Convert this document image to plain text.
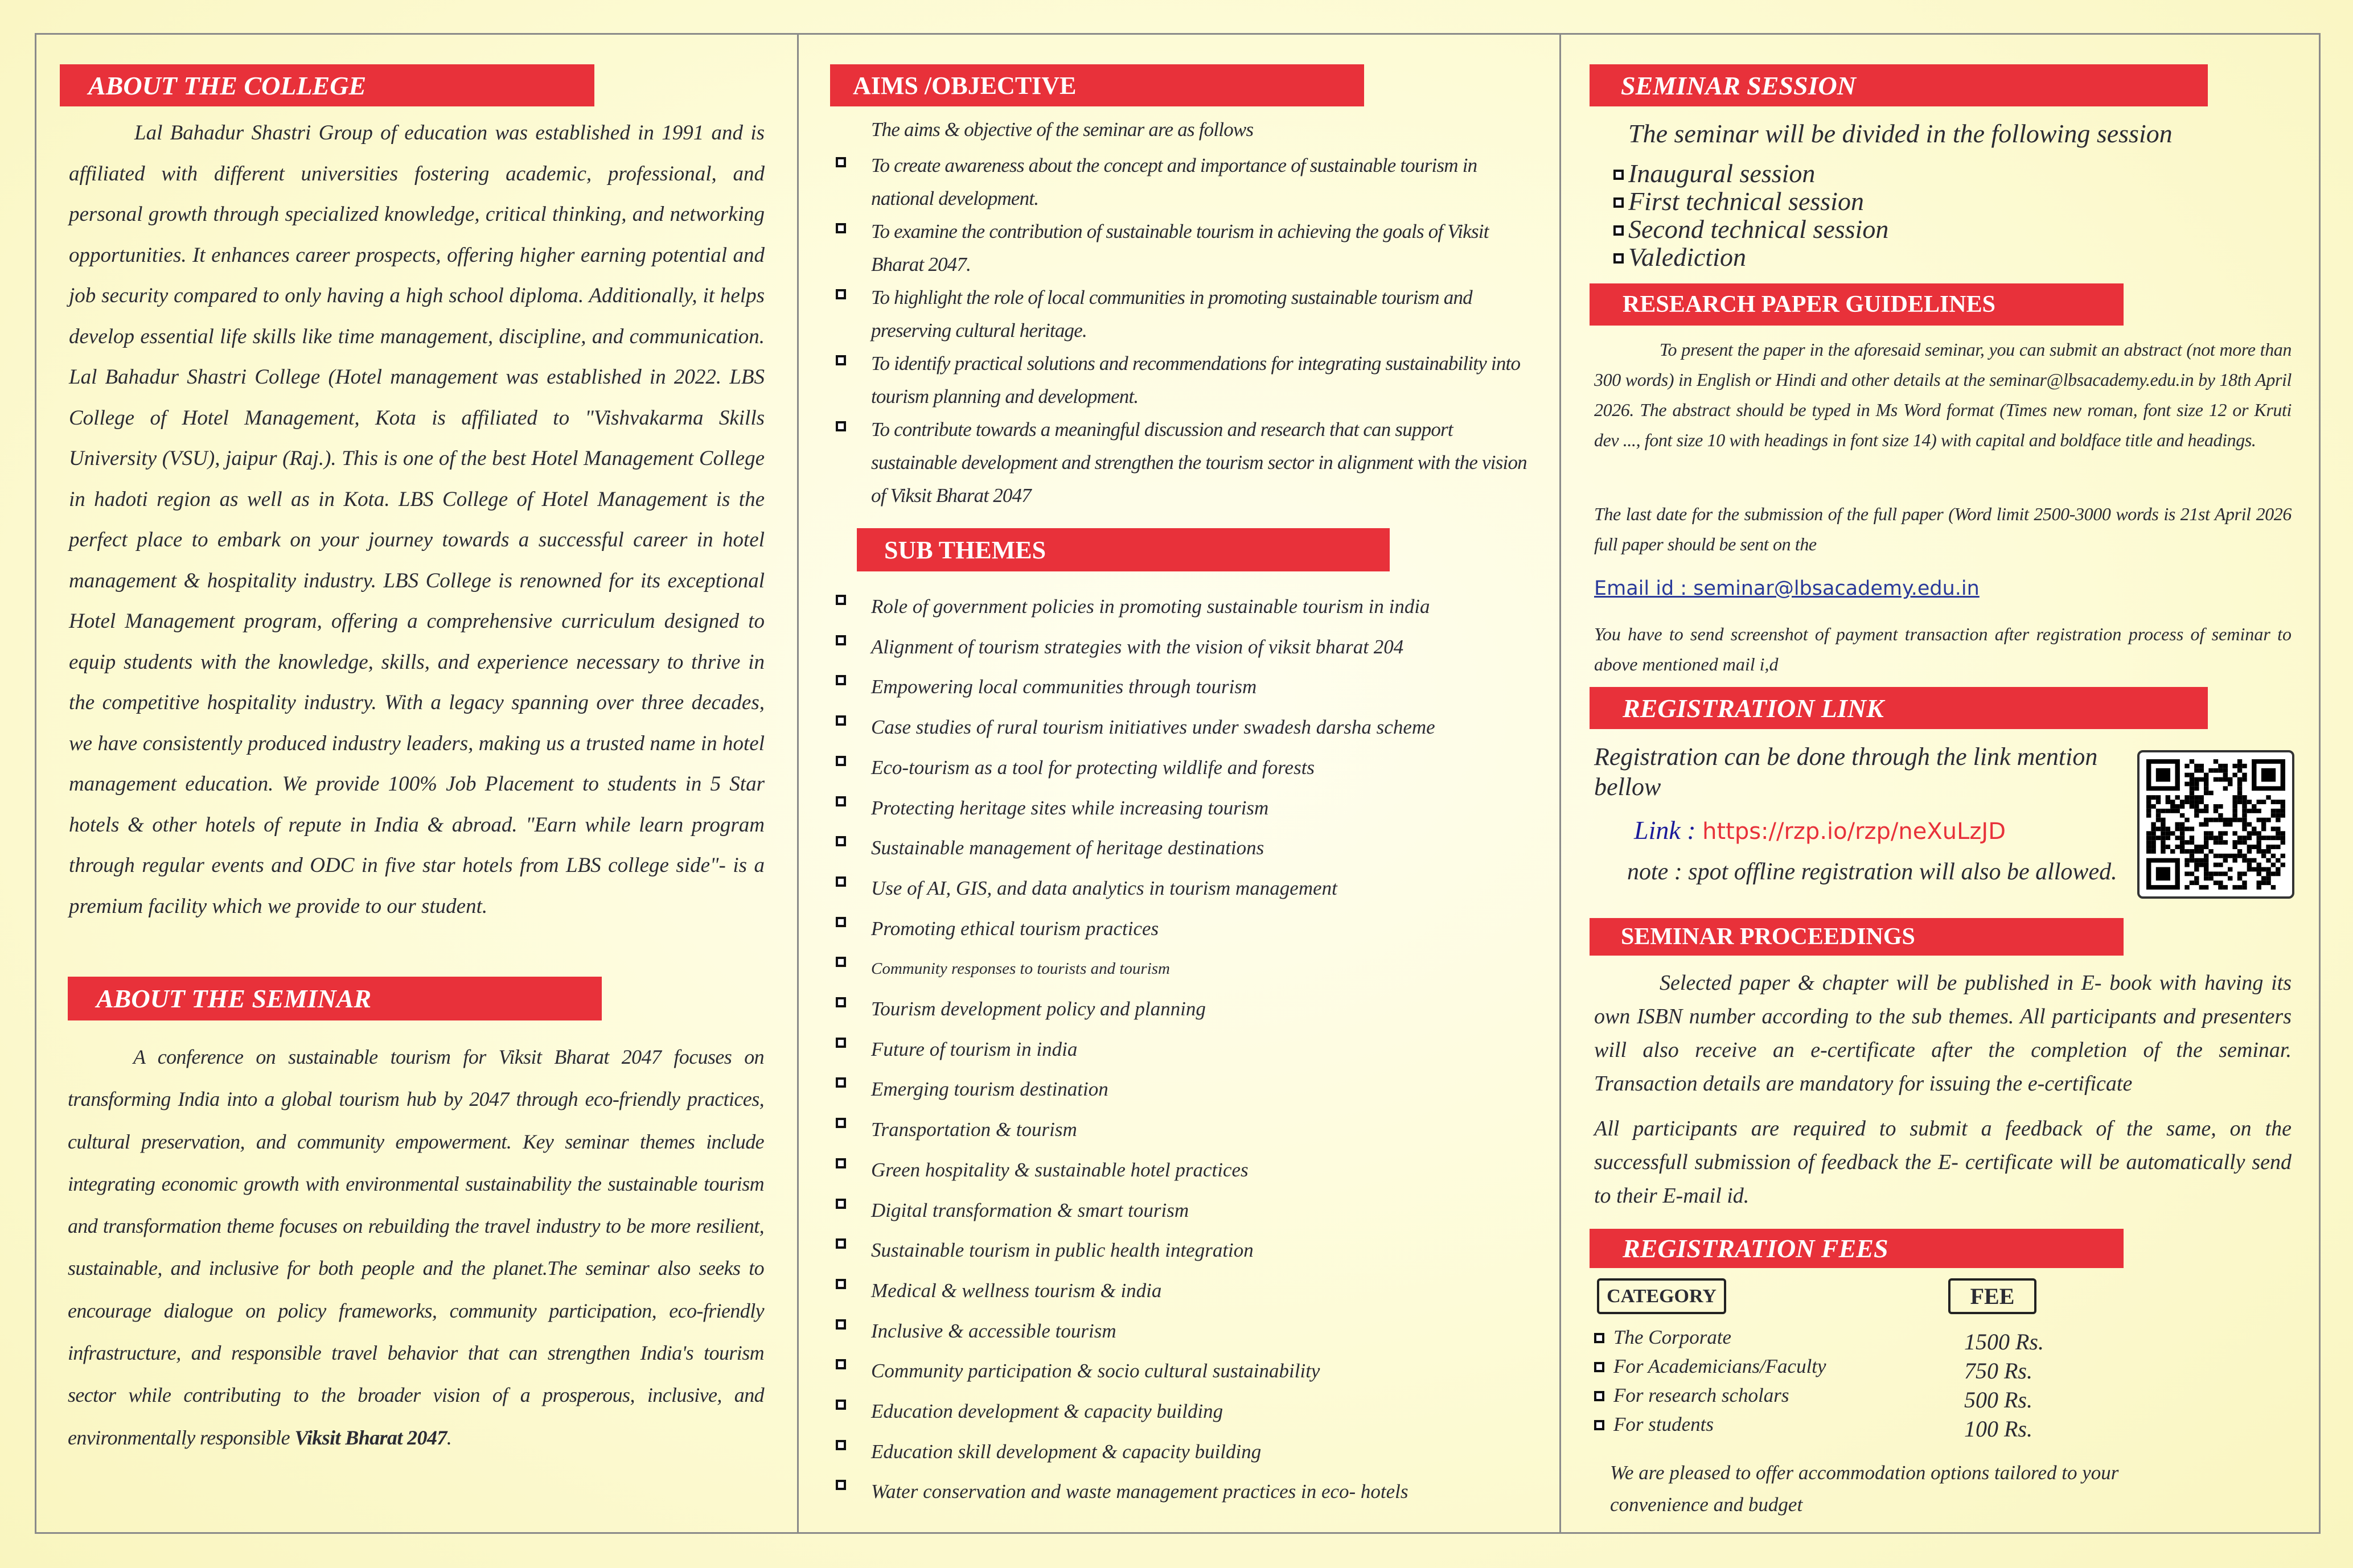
ABOUT THE COLLEGE
Lal Bahadur Shastri Group of education was established in 1991 and is affiliated with different universities fostering academic, professional, and personal growth through specialized knowledge, critical thinking, and networking opportunities. It enhances career prospects, offering higher earning potential and job security compared to only having a high school diploma. Additionally, it helps develop essential life skills like time management, discipline, and communication. Lal Bahadur Shastri College (Hotel management was established in 2022. LBS College of Hotel Management, Kota is affiliated to "Vishvakarma Skills University (VSU), jaipur (Raj.). This is one of the best Hotel Management College in hadoti region as well as in Kota. LBS College of Hotel Management is the perfect place to embark on your journey towards a successful career in hotel management & hospitality industry. LBS College is renowned for its exceptional Hotel Management program, offering a comprehensive curriculum designed to equip students with the knowledge, skills, and experience necessary to thrive in the competitive hospitality industry. With a legacy spanning over three decades, we have consistently produced industry leaders, making us a trusted name in hotel management education. We provide 100% Job Placement to students in 5 Star hotels & other hotels of repute in India & abroad. "Earn while learn program through regular events and ODC in five star hotels from LBS college side"- is a premium facility which we provide to our student.
ABOUT THE SEMINAR
A conference on sustainable tourism for Viksit Bharat 2047 focuses on transforming India into a global tourism hub by 2047 through eco-friendly practices, cultural preservation, and community empowerment. Key seminar themes include integrating economic growth with environmental sustainability the sustainable tourism and transformation theme focuses on rebuilding the travel industry to be more resilient, sustainable, and inclusive for both people and the planet.The seminar also seeks to encourage dialogue on policy frameworks, community participation, eco-friendly infrastructure, and responsible travel behavior that can strengthen India's tourism sector while contributing to the broader vision of a prosperous, inclusive, and environmentally responsible Viksit Bharat 2047.
AIMS /OBJECTIVE
The aims & objective of the seminar are as follows
To create awareness about the concept and importance of sustainable tourism in national development.
To examine the contribution of sustainable tourism in achieving the goals of Viksit Bharat 2047.
To highlight the role of local communities in promoting sustainable tourism and preserving cultural heritage.
To identify practical solutions and recommendations for integrating sustainability into tourism planning and development.
To contribute towards a meaningful discussion and research that can support sustainable development and strengthen the tourism sector in alignment with the vision of Viksit Bharat 2047
SUB THEMES
Role of government policies in promoting sustainable tourism in india
Alignment of tourism strategies with the vision of viksit bharat 204
Empowering local communities through tourism
Case studies of rural tourism initiatives under swadesh darsha scheme
Eco-tourism as a tool for protecting wildlife and forests
Protecting heritage sites while increasing tourism
Sustainable management of heritage destinations
Use of AI, GIS, and data analytics in tourism management
Promoting ethical tourism practices
Community responses to tourists and tourism
Tourism development policy and planning
Future of tourism in india
Emerging tourism destination
Transportation & tourism
Green hospitality & sustainable hotel practices
Digital transformation & smart tourism
Sustainable tourism in public health integration
Medical & wellness tourism & india
Inclusive & accessible tourism
Community participation & socio cultural sustainability
Education development & capacity building
Education skill development & capacity building
Water conservation and waste management practices in eco- hotels
SEMINAR SESSION
The seminar will be divided in the following session
Inaugural session
First technical session
Second technical session
Valediction
RESEARCH PAPER GUIDELINES
To present the paper in the aforesaid seminar, you can submit an abstract (not more than 300 words) in English or Hindi and other details at the seminar@lbsacademy.edu.in by 18th April 2026. The abstract should be typed in Ms Word format (Times new roman, font size 12 or Kruti dev ..., font size 10 with headings in font size 14) with capital and boldface title and headings.
The last date for the submission of the full paper (Word limit 2500-3000 words is 21st April 2026 full paper should be sent on the
Email id : seminar@lbsacademy.edu.in
You have to send screenshot of payment transaction after registration process of seminar to above mentioned mail i,d
REGISTRATION LINK
Registration can be done through the link mention bellow
Link : https://rzp.io/rzp/neXuLzJD
note : spot offline registration will also be allowed.
SEMINAR PROCEEDINGS
Selected paper & chapter will be published in E- book with having its own ISBN number according to the sub themes. All participants and presenters will also receive an e-certificate after the completion of the seminar. Transaction details are mandatory for issuing the e-certificate
All participants are required to submit a feedback of the same, on the successfull submission of feedback the E- certificate will be automatically send to their E-mail id.
REGISTRATION FEES
CATEGORY	FEE
The Corporate	1500 Rs.
For Academicians/Faculty	750 Rs.
For research scholars	500 Rs.
For students	100 Rs.
We are pleased to offer accommodation options tailored to your convenience and budget
